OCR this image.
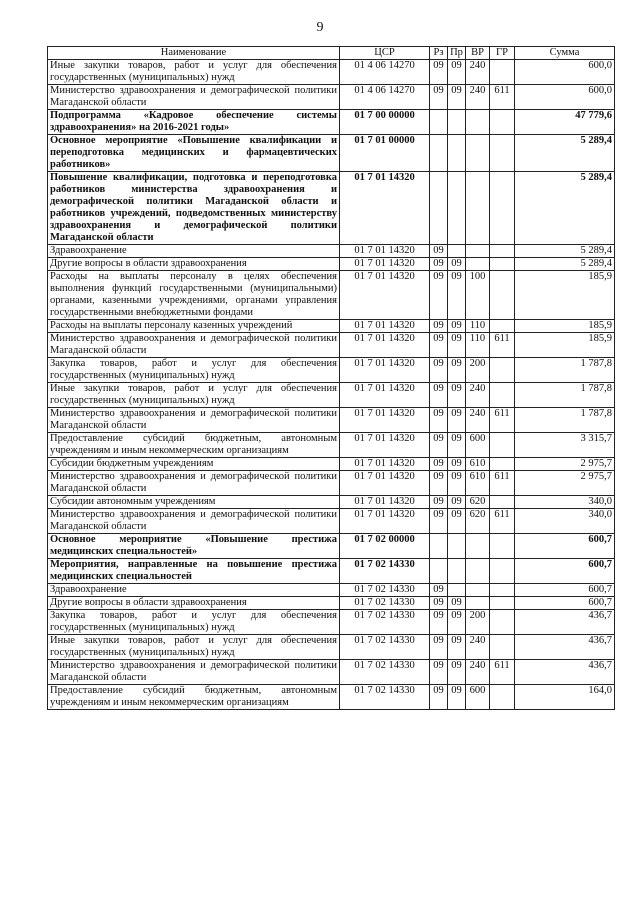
9
Наименование	ЦСР	Рз	Пр	ВР	ГР	Сумма
Иные закупки товаров, работ и услуг для обеспечения государственных (муниципальных) нужд	01 4 06 14270	09	09	240		600,0
Министерство здравоохранения и демографической политики Магаданской области	01 4 06 14270	09	09	240	611	600,0
Подпрограмма «Кадровое обеспечение системы здравоохранения» на 2016-2021 годы»	01 7 00 00000					47 779,6
Основное мероприятие «Повышение квалификации и переподготовка медицинских и фармацевтических работников»	01 7 01 00000					5 289,4
Повышение квалификации, подготовка и переподготовка работников министерства здравоохранения и демографической политики Магаданской области и работников учреждений, подведомственных министерству здравоохранения и демографической политики Магаданской области	01 7 01 14320					5 289,4
Здравоохранение	01 7 01 14320	09				5 289,4
Другие вопросы в области здравоохранения	01 7 01 14320	09	09			5 289,4
Расходы на выплаты персоналу в целях обеспечения выполнения функций государственными (муниципальными) органами, казенными учреждениями, органами управления государственными внебюджетными фондами	01 7 01 14320	09	09	100		185,9
Расходы на выплаты персоналу казенных учреждений	01 7 01 14320	09	09	110		185,9
Министерство здравоохранения и демографической политики Магаданской области	01 7 01 14320	09	09	110	611	185,9
Закупка товаров, работ и услуг для обеспечения государственных (муниципальных) нужд	01 7 01 14320	09	09	200		1 787,8
Иные закупки товаров, работ и услуг для обеспечения государственных (муниципальных) нужд	01 7 01 14320	09	09	240		1 787,8
Министерство здравоохранения и демографической политики Магаданской области	01 7 01 14320	09	09	240	611	1 787,8
Предоставление субсидий бюджетным, автономным учреждениям и иным некоммерческим организациям	01 7 01 14320	09	09	600		3 315,7
Субсидии бюджетным учреждениям	01 7 01 14320	09	09	610		2 975,7
Министерство здравоохранения и демографической политики Магаданской области	01 7 01 14320	09	09	610	611	2 975,7
Субсидии автономным учреждениям	01 7 01 14320	09	09	620		340,0
Министерство здравоохранения и демографической политики Магаданской области	01 7 01 14320	09	09	620	611	340,0
Основное мероприятие «Повышение престижа медицинских специальностей»	01 7 02 00000					600,7
Мероприятия, направленные на повышение престижа медицинских специальностей	01 7 02 14330					600,7
Здравоохранение	01 7 02 14330	09				600,7
Другие вопросы в области здравоохранения	01 7 02 14330	09	09			600,7
Закупка товаров, работ и услуг для обеспечения государственных (муниципальных) нужд	01 7 02 14330	09	09	200		436,7
Иные закупки товаров, работ и услуг для обеспечения государственных (муниципальных) нужд	01 7 02 14330	09	09	240		436,7
Министерство здравоохранения и демографической политики Магаданской области	01 7 02 14330	09	09	240	611	436,7
Предоставление субсидий бюджетным, автономным учреждениям и иным некоммерческим организациям	01 7 02 14330	09	09	600		164,0
